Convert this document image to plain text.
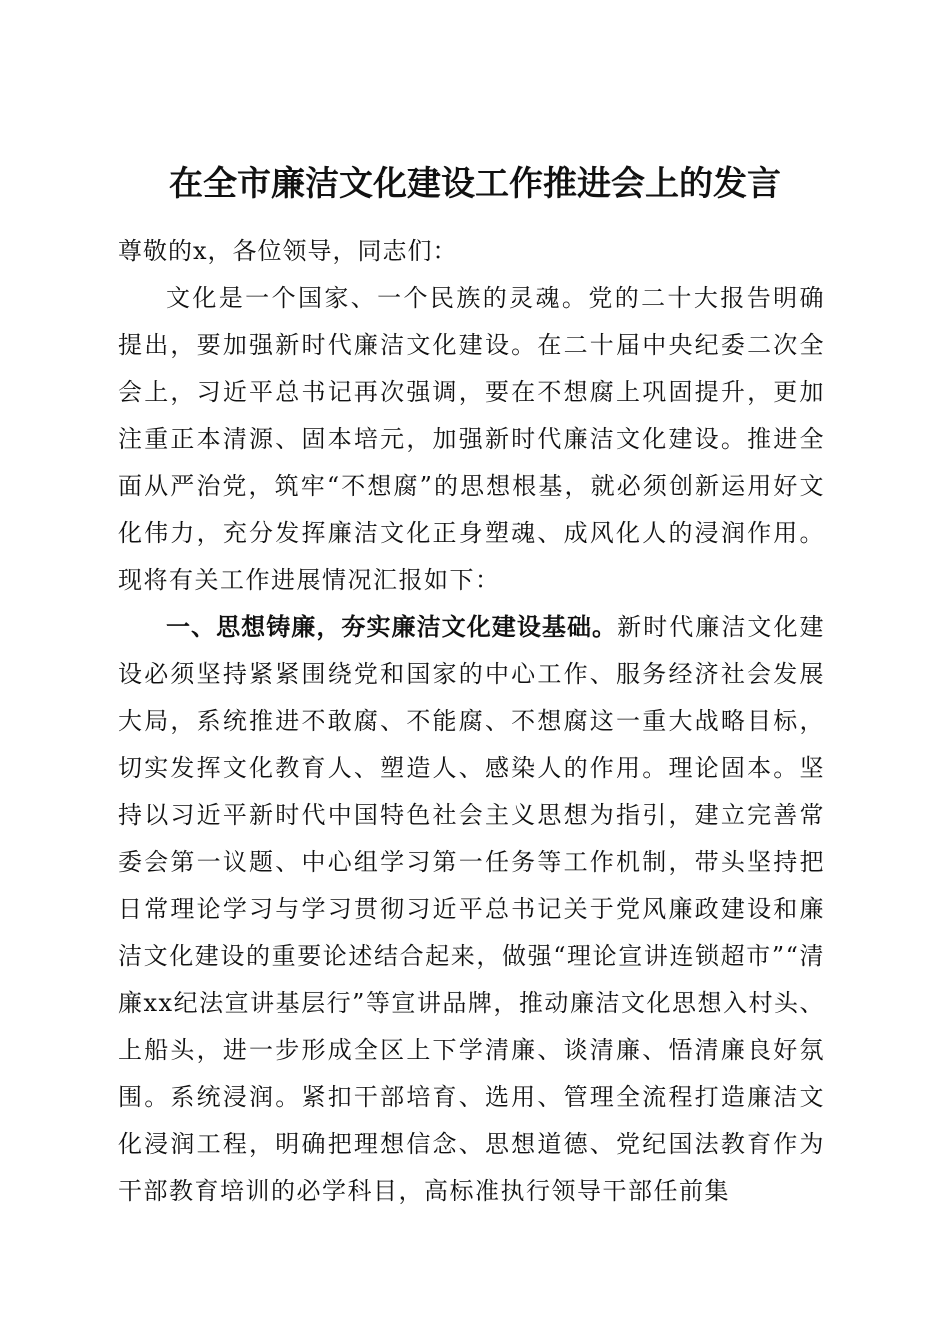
在全市廉洁文化建设工作推进会上的发言

尊敬的x，各位领导，同志们：

文化是一个国家、一个民族的灵魂。党的二十大报告明确提出，要加强新时代廉洁文化建设。在二十届中央纪委二次全会上，习近平总书记再次强调，要在不想腐上巩固提升，更加注重正本清源、固本培元，加强新时代廉洁文化建设。推进全面从严治党，筑牢“不想腐”的思想根基，就必须创新运用好文化伟力，充分发挥廉洁文化正身塑魂、成风化人的浸润作用。现将有关工作进展情况汇报如下：

一、思想铸廉，夯实廉洁文化建设基础。新时代廉洁文化建设必须坚持紧紧围绕党和国家的中心工作、服务经济社会发展大局，系统推进不敢腐、不能腐、不想腐这一重大战略目标，切实发挥文化教育人、塑造人、感染人的作用。理论固本。坚持以习近平新时代中国特色社会主义思想为指引，建立完善常委会第一议题、中心组学习第一任务等工作机制，带头坚持把日常理论学习与学习贯彻习近平总书记关于党风廉政建设和廉洁文化建设的重要论述结合起来，做强“理论宣讲连锁超市”“清廉xx纪法宣讲基层行”等宣讲品牌，推动廉洁文化思想入村头、上船头，进一步形成全区上下学清廉、谈清廉、悟清廉良好氛围。系统浸润。紧扣干部培育、选用、管理全流程打造廉洁文化浸润工程，明确把理想信念、思想道德、党纪国法教育作为干部教育培训的必学科目，高标准执行领导干部任前集
